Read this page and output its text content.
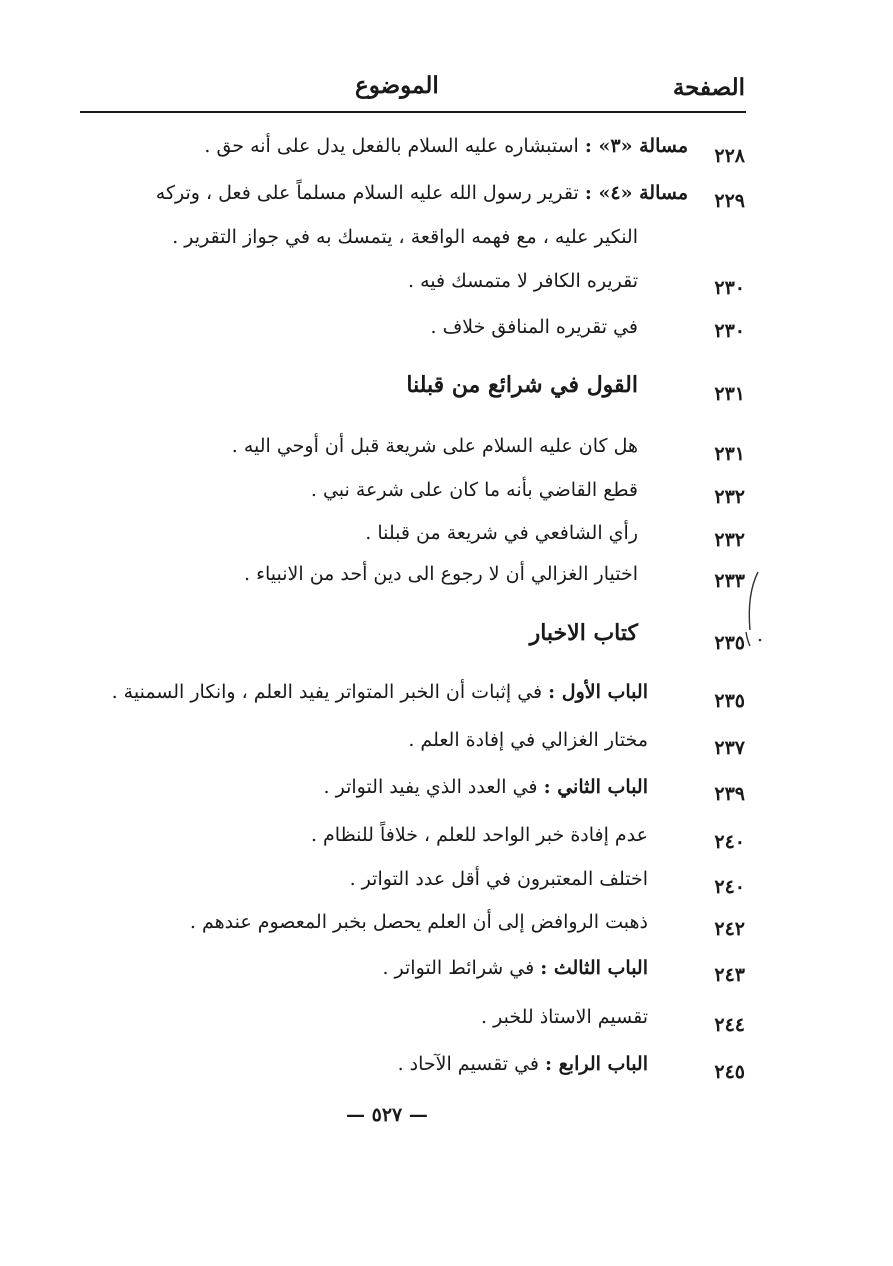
الصفحة
الموضوع
٢٢٨
مسالة «٣» : استبشاره عليه السلام بالفعل يدل على أنه حق .
٢٢٩
مسالة «٤» : تقرير رسول الله عليه السلام مسلماً على فعل ، وتركه
النكير عليه ، مع فهمه الواقعة ، يتمسك به في جواز التقرير .
٢٣٠
تقريره الكافر لا متمسك فيه .
٢٣٠
في تقريره المنافق خلاف .
٢٣١
القول في شرائع من قبلنا
٢٣١
هل كان عليه السلام على شريعة قبل أن أوحي اليه .
٢٣٢
قطع القاضي بأنه ما كان على شرعة نبي .
٢٣٢
رأي الشافعي في شريعة من قبلنا .
٢٣٣
اختيار الغزالي أن لا رجوع الى دين أحد من الانبياء .
٢٣٥
كتاب الاخبار
٢٣٥
الباب الأول : في إثبات أن الخبر المتواتر يفيد العلم ، وانكار السمنية .
٢٣٧
مختار الغزالي في إفادة العلم .
٢٣٩
الباب الثاني : في العدد الذي يفيد التواتر .
٢٤٠
عدم إفادة خبر الواحد للعلم ، خلافاً للنظام .
٢٤٠
اختلف المعتبرون في أقل عدد التواتر .
٢٤٢
ذهبت الروافض إلى أن العلم يحصل بخبر المعصوم عندهم .
٢٤٣
الباب الثالث : في شرائط التواتر .
٢٤٤
تقسيم الاستاذ للخبر .
٢٤٥
الباب الرابع : في تقسيم الآحاد .
— ٥٢٧ —
